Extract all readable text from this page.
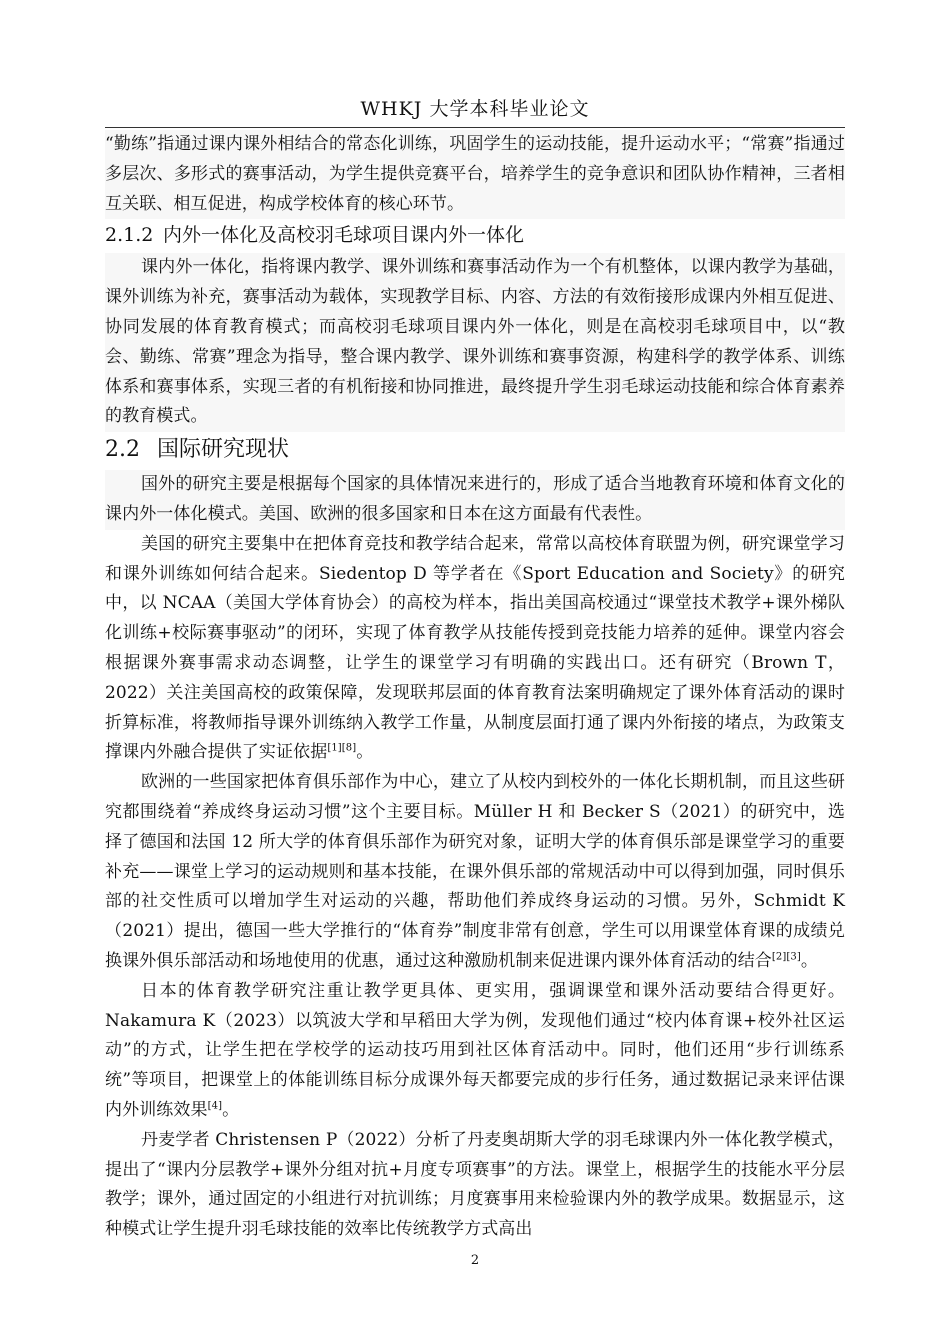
WHKJ 大学本科毕业论文

“勤练”指通过课内课外相结合的常态化训练，巩固学生的运动技能，提升运动水平；“常赛”指通过多层次、多形式的赛事活动，为学生提供竞赛平台，培养学生的竞争意识和团队协作精神，三者相互关联、相互促进，构成学校体育的核心环节。

2.1.2 内外一体化及高校羽毛球项目课内外一体化

课内外一体化，指将课内教学、课外训练和赛事活动作为一个有机整体，以课内教学为基础，课外训练为补充，赛事活动为载体，实现教学目标、内容、方法的有效衔接形成课内外相互促进、协同发展的体育教育模式；而高校羽毛球项目课内外一体化，则是在高校羽毛球项目中，以“教会、勤练、常赛”理念为指导，整合课内教学、课外训练和赛事资源，构建科学的教学体系、训练体系和赛事体系，实现三者的有机衔接和协同推进，最终提升学生羽毛球运动技能和综合体育素养的教育模式。

2.2 国际研究现状

国外的研究主要是根据每个国家的具体情况来进行的，形成了适合当地教育环境和体育文化的课内外一体化模式。美国、欧洲的很多国家和日本在这方面最有代表性。

美国的研究主要集中在把体育竞技和教学结合起来，常常以高校体育联盟为例，研究课堂学习和课外训练如何结合起来。Siedentop D 等学者在《Sport Education and Society》的研究中，以 NCAA（美国大学体育协会）的高校为样本，指出美国高校通过“课堂技术教学+课外梯队化训练+校际赛事驱动”的闭环，实现了体育教学从技能传授到竞技能力培养的延伸。课堂内容会根据课外赛事需求动态调整，让学生的课堂学习有明确的实践出口。还有研究（Brown T，2022）关注美国高校的政策保障，发现联邦层面的体育教育法案明确规定了课外体育活动的课时折算标准，将教师指导课外训练纳入教学工作量，从制度层面打通了课内外衔接的堵点，为政策支撑课内外融合提供了实证依据[1][8]。

欧洲的一些国家把体育俱乐部作为中心，建立了从校内到校外的一体化长期机制，而且这些研究都围绕着“养成终身运动习惯”这个主要目标。Müller H 和 Becker S（2021）的研究中，选择了德国和法国 12 所大学的体育俱乐部作为研究对象，证明大学的体育俱乐部是课堂学习的重要补充——课堂上学习的运动规则和基本技能，在课外俱乐部的常规活动中可以得到加强，同时俱乐部的社交性质可以增加学生对运动的兴趣，帮助他们养成终身运动的习惯。另外，Schmidt K（2021）提出，德国一些大学推行的“体育券”制度非常有创意，学生可以用课堂体育课的成绩兑换课外俱乐部活动和场地使用的优惠，通过这种激励机制来促进课内课外体育活动的结合[2][3]。

日本的体育教学研究注重让教学更具体、更实用，强调课堂和课外活动要结合得更好。Nakamura K（2023）以筑波大学和早稻田大学为例，发现他们通过“校内体育课+校外社区运动”的方式，让学生把在学校学的运动技巧用到社区体育活动中。同时，他们还用“步行训练系统”等项目，把课堂上的体能训练目标分成课外每天都要完成的步行任务，通过数据记录来评估课内外训练效果[4]。

丹麦学者 Christensen P（2022）分析了丹麦奥胡斯大学的羽毛球课内外一体化教学模式，提出了“课内分层教学+课外分组对抗+月度专项赛事”的方法。课堂上，根据学生的技能水平分层教学；课外，通过固定的小组进行对抗训练；月度赛事用来检验课内外的教学成果。数据显示，这种模式让学生提升羽毛球技能的效率比传统教学方式高出

2
